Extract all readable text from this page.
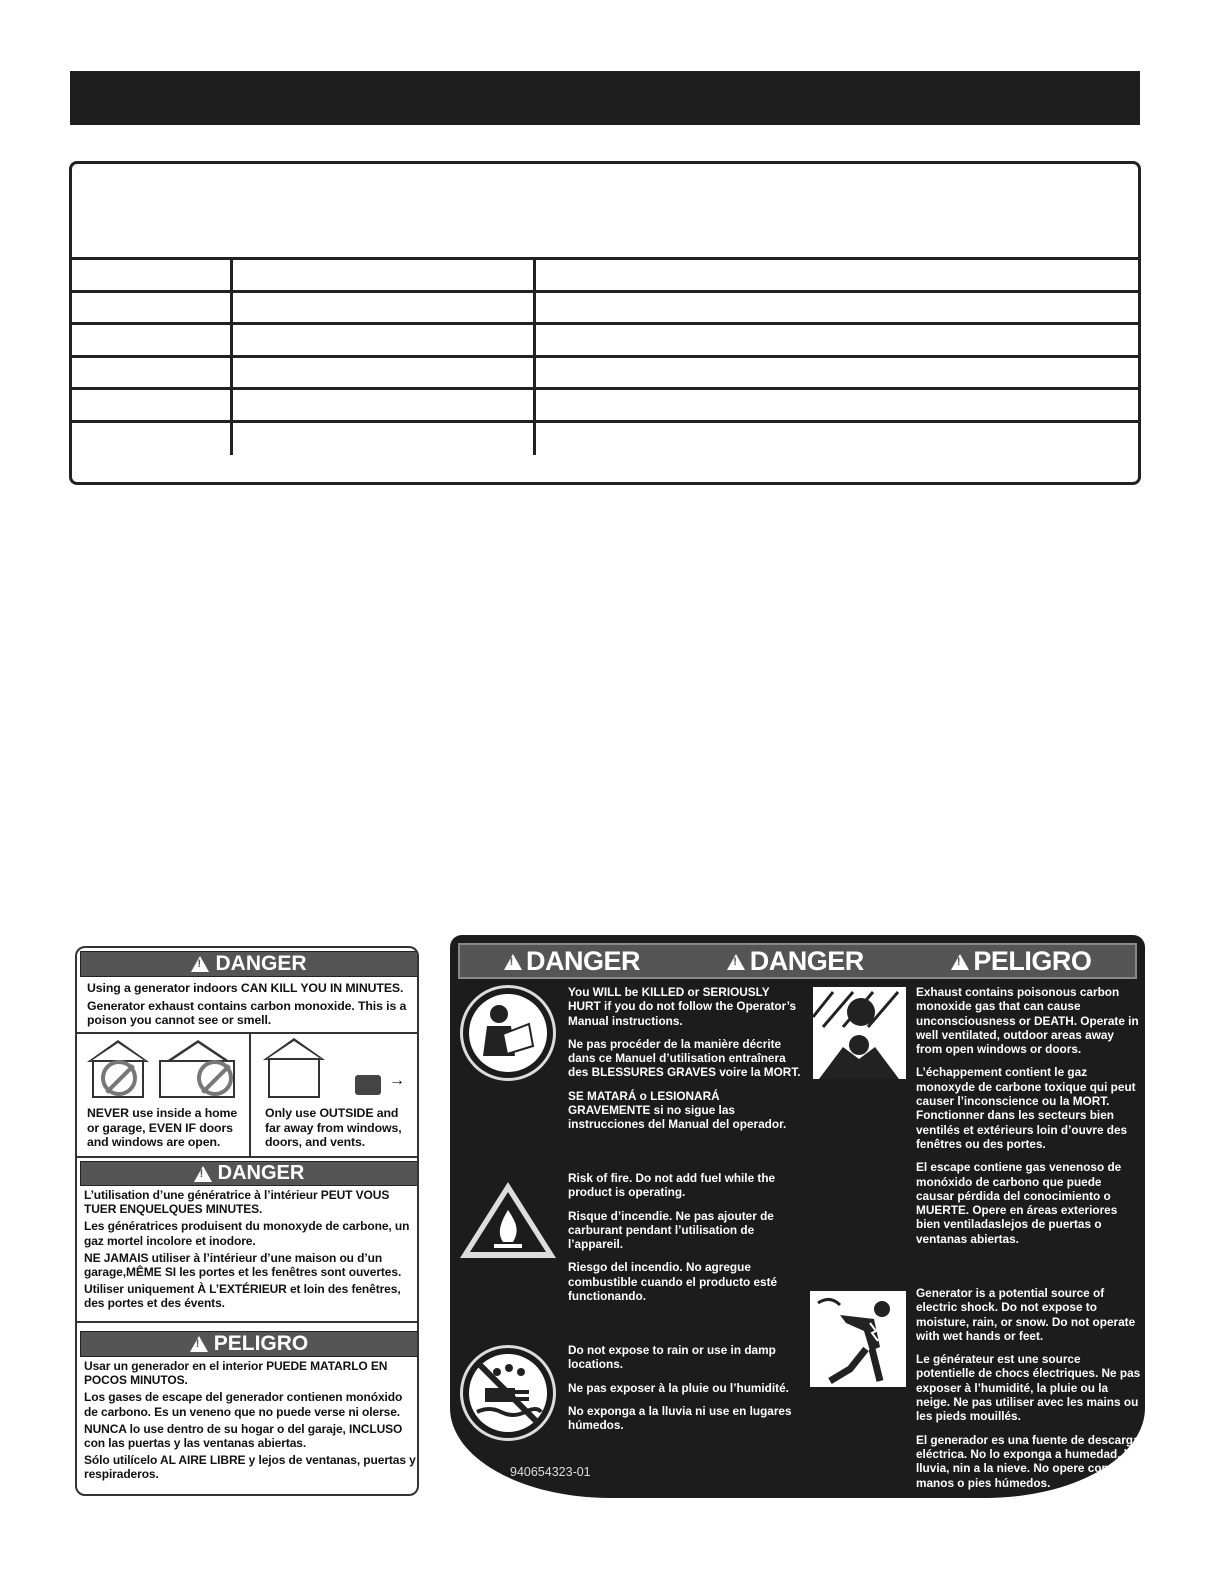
!
DANGER

Using a generator indoors CAN KILL YOU IN MINUTES.

Generator exhaust contains carbon monoxide. This is a poison you cannot see or smell.

NEVER use inside a home or garage, EVEN IF doors and windows are open.
→
Only use OUTSIDE and far away from windows, doors, and vents.
!
DANGER

L’utilisation d’une génératrice à l’intérieur PEUT VOUS TUER ENQUELQUES MINUTES.

Les génératrices produisent du monoxyde de carbone, un gaz mortel incolore et inodore.

NE JAMAIS utiliser à l’intérieur d’une maison ou d’un garage,MÊME SI les portes et les fenêtres sont ouvertes.

Utiliser uniquement À L’EXTÉRIEUR et loin des fenêtres, des portes et des évents.

!
PELIGRO

Usar un generador en el interior PUEDE MATARLO EN POCOS MINUTOS.

Los gases de escape del generador contienen monóxido de carbono. Es un veneno que no puede verse ni olerse.

NUNCA lo use dentro de su hogar o del garaje, INCLUSO con las puertas y las ventanas abiertas.

Sólo utilícelo AL AIRE LIBRE y lejos de ventanas, puertas y respiraderos.

! DANGER !	DANGER !	PELIGRO

You WILL be KILLED or SERIOUSLY HURT if you do not follow the Operator’s Manual instructions.

Ne pas procéder de la manière décrite dans ce Manuel d’utilisation entraînera des BLESSURES GRAVES voire la MORT.

SE MATARÁ o LESIONARÁ GRAVEMENTE si no sigue las instrucciones del Manual del operador.

Risk of fire. Do not add fuel while the product is operating.

Risque d’incendie. Ne pas ajouter de carburant pendant l’utilisation de l’appareil.

Riesgo del incendio. No agregue combustible cuando el producto esté functionando.

Do not expose to rain or use in damp locations.

Ne pas exposer à la pluie ou l’humidité.

No exponga a la lluvia ni use en lugares húmedos.

940654323-01

Exhaust contains poisonous carbon monoxide gas that can cause unconsciousness or DEATH. Operate in well ventilated, outdoor areas away from open windows or doors.

L’échappement contient le gaz monoxyde de carbone toxique qui peut causer l’inconscience ou la MORT. Fonctionner dans les secteurs bien ventilés et extérieurs loin d’ouvre des fenêtres ou des portes.

El escape contiene gas venenoso de monóxido de carbono que puede causar pérdida del conocimiento o MUERTE. Opere en áreas exteriores bien ventiladaslejos de puertas o ventanas abiertas.

Generator is a potential source of electric shock. Do not expose to moisture, rain, or snow. Do not operate with wet hands or feet.

Le générateur est une source potentielle de chocs électriques. Ne pas exposer à l’humidité, la pluie ou la neige. Ne pas utiliser avec les mains ou les pieds mouillés.

El generador es una fuente de descarga eléctrica. No lo exponga a humedad, la lluvia, nin a la nieve. No opere con manos o pies húmedos.
